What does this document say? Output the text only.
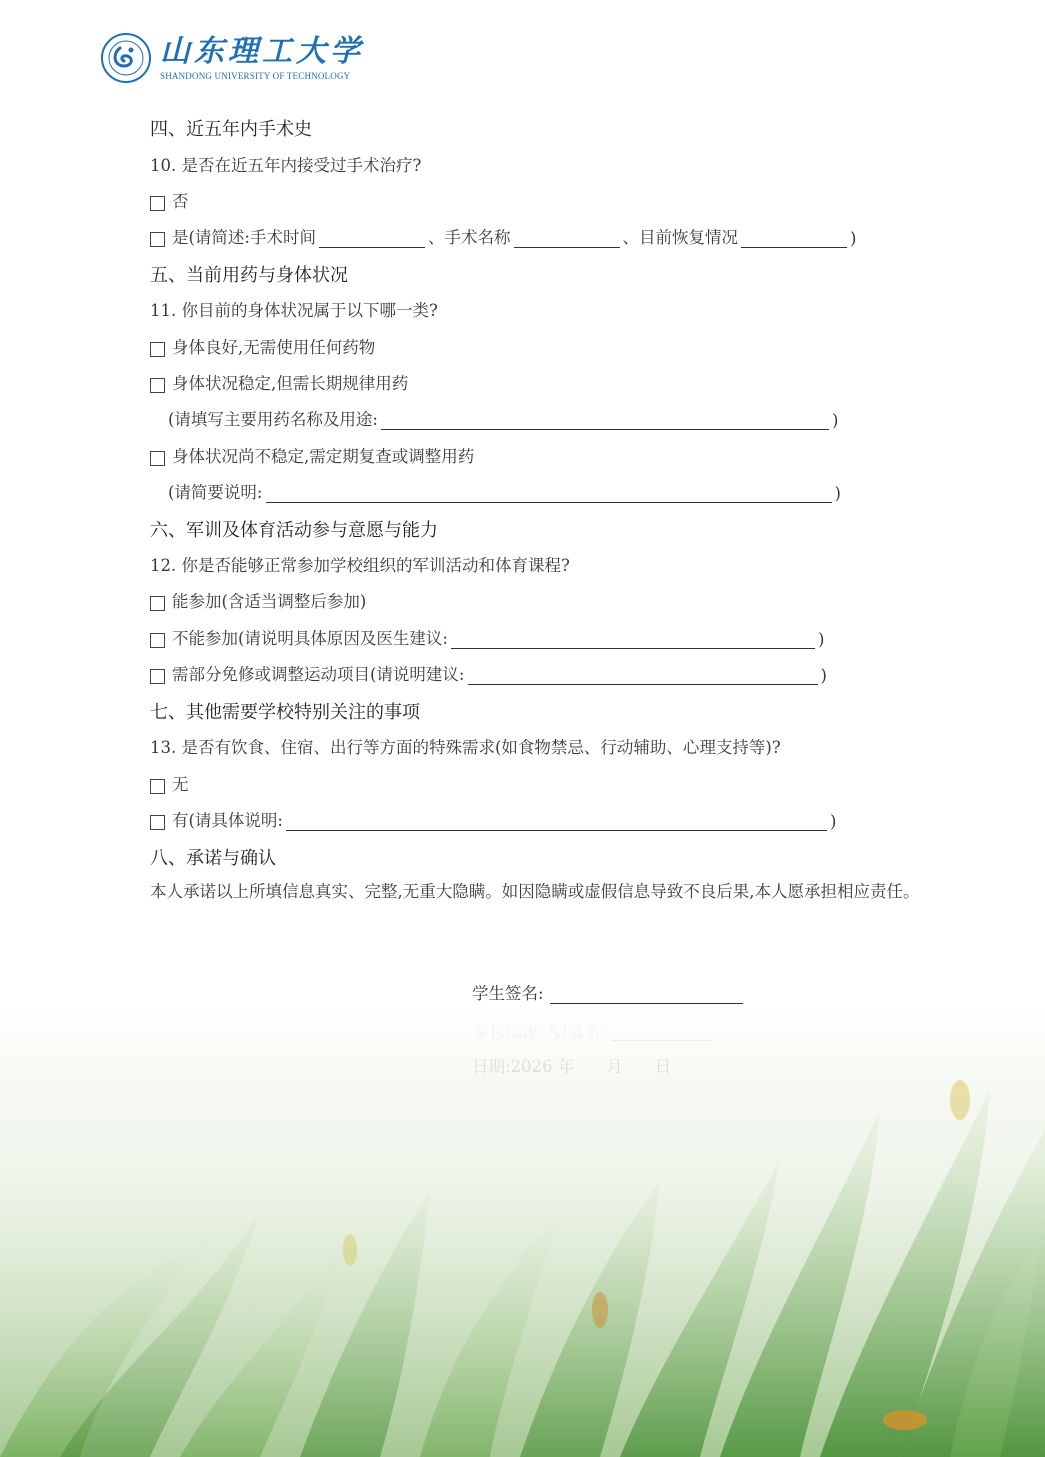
山东理工大学
SHANDONG UNIVERSITY OF TECHNOLOGY
四、近五年内手术史
10. 是否在近五年内接受过手术治疗?
否
是(请简述:手术时间	、手术名称	、目前恢复情况	)
五、当前用药与身体状况
11. 你目前的身体状况属于以下哪一类?
身体良好,无需使用任何药物
身体状况稳定,但需长期规律用药
(请填写主要用药名称及用途:	)
身体状况尚不稳定,需定期复查或调整用药
(请简要说明:	)
六、军训及体育活动参与意愿与能力
12. 你是否能够正常参加学校组织的军训活动和体育课程?
能参加(含适当调整后参加)
不能参加(请说明具体原因及医生建议:	)
需部分免修或调整运动项目(请说明建议:	)
七、其他需要学校特别关注的事项
13. 是否有饮食、住宿、出行等方面的特殊需求(如食物禁忌、行动辅助、心理支持等)?
无
有(请具体说明:	)
八、承诺与确认
本人承诺以上所填信息真实、完整,无重大隐瞒。如因隐瞒或虚假信息导致不良后果,本人愿承担相应责任。
学生签名:
